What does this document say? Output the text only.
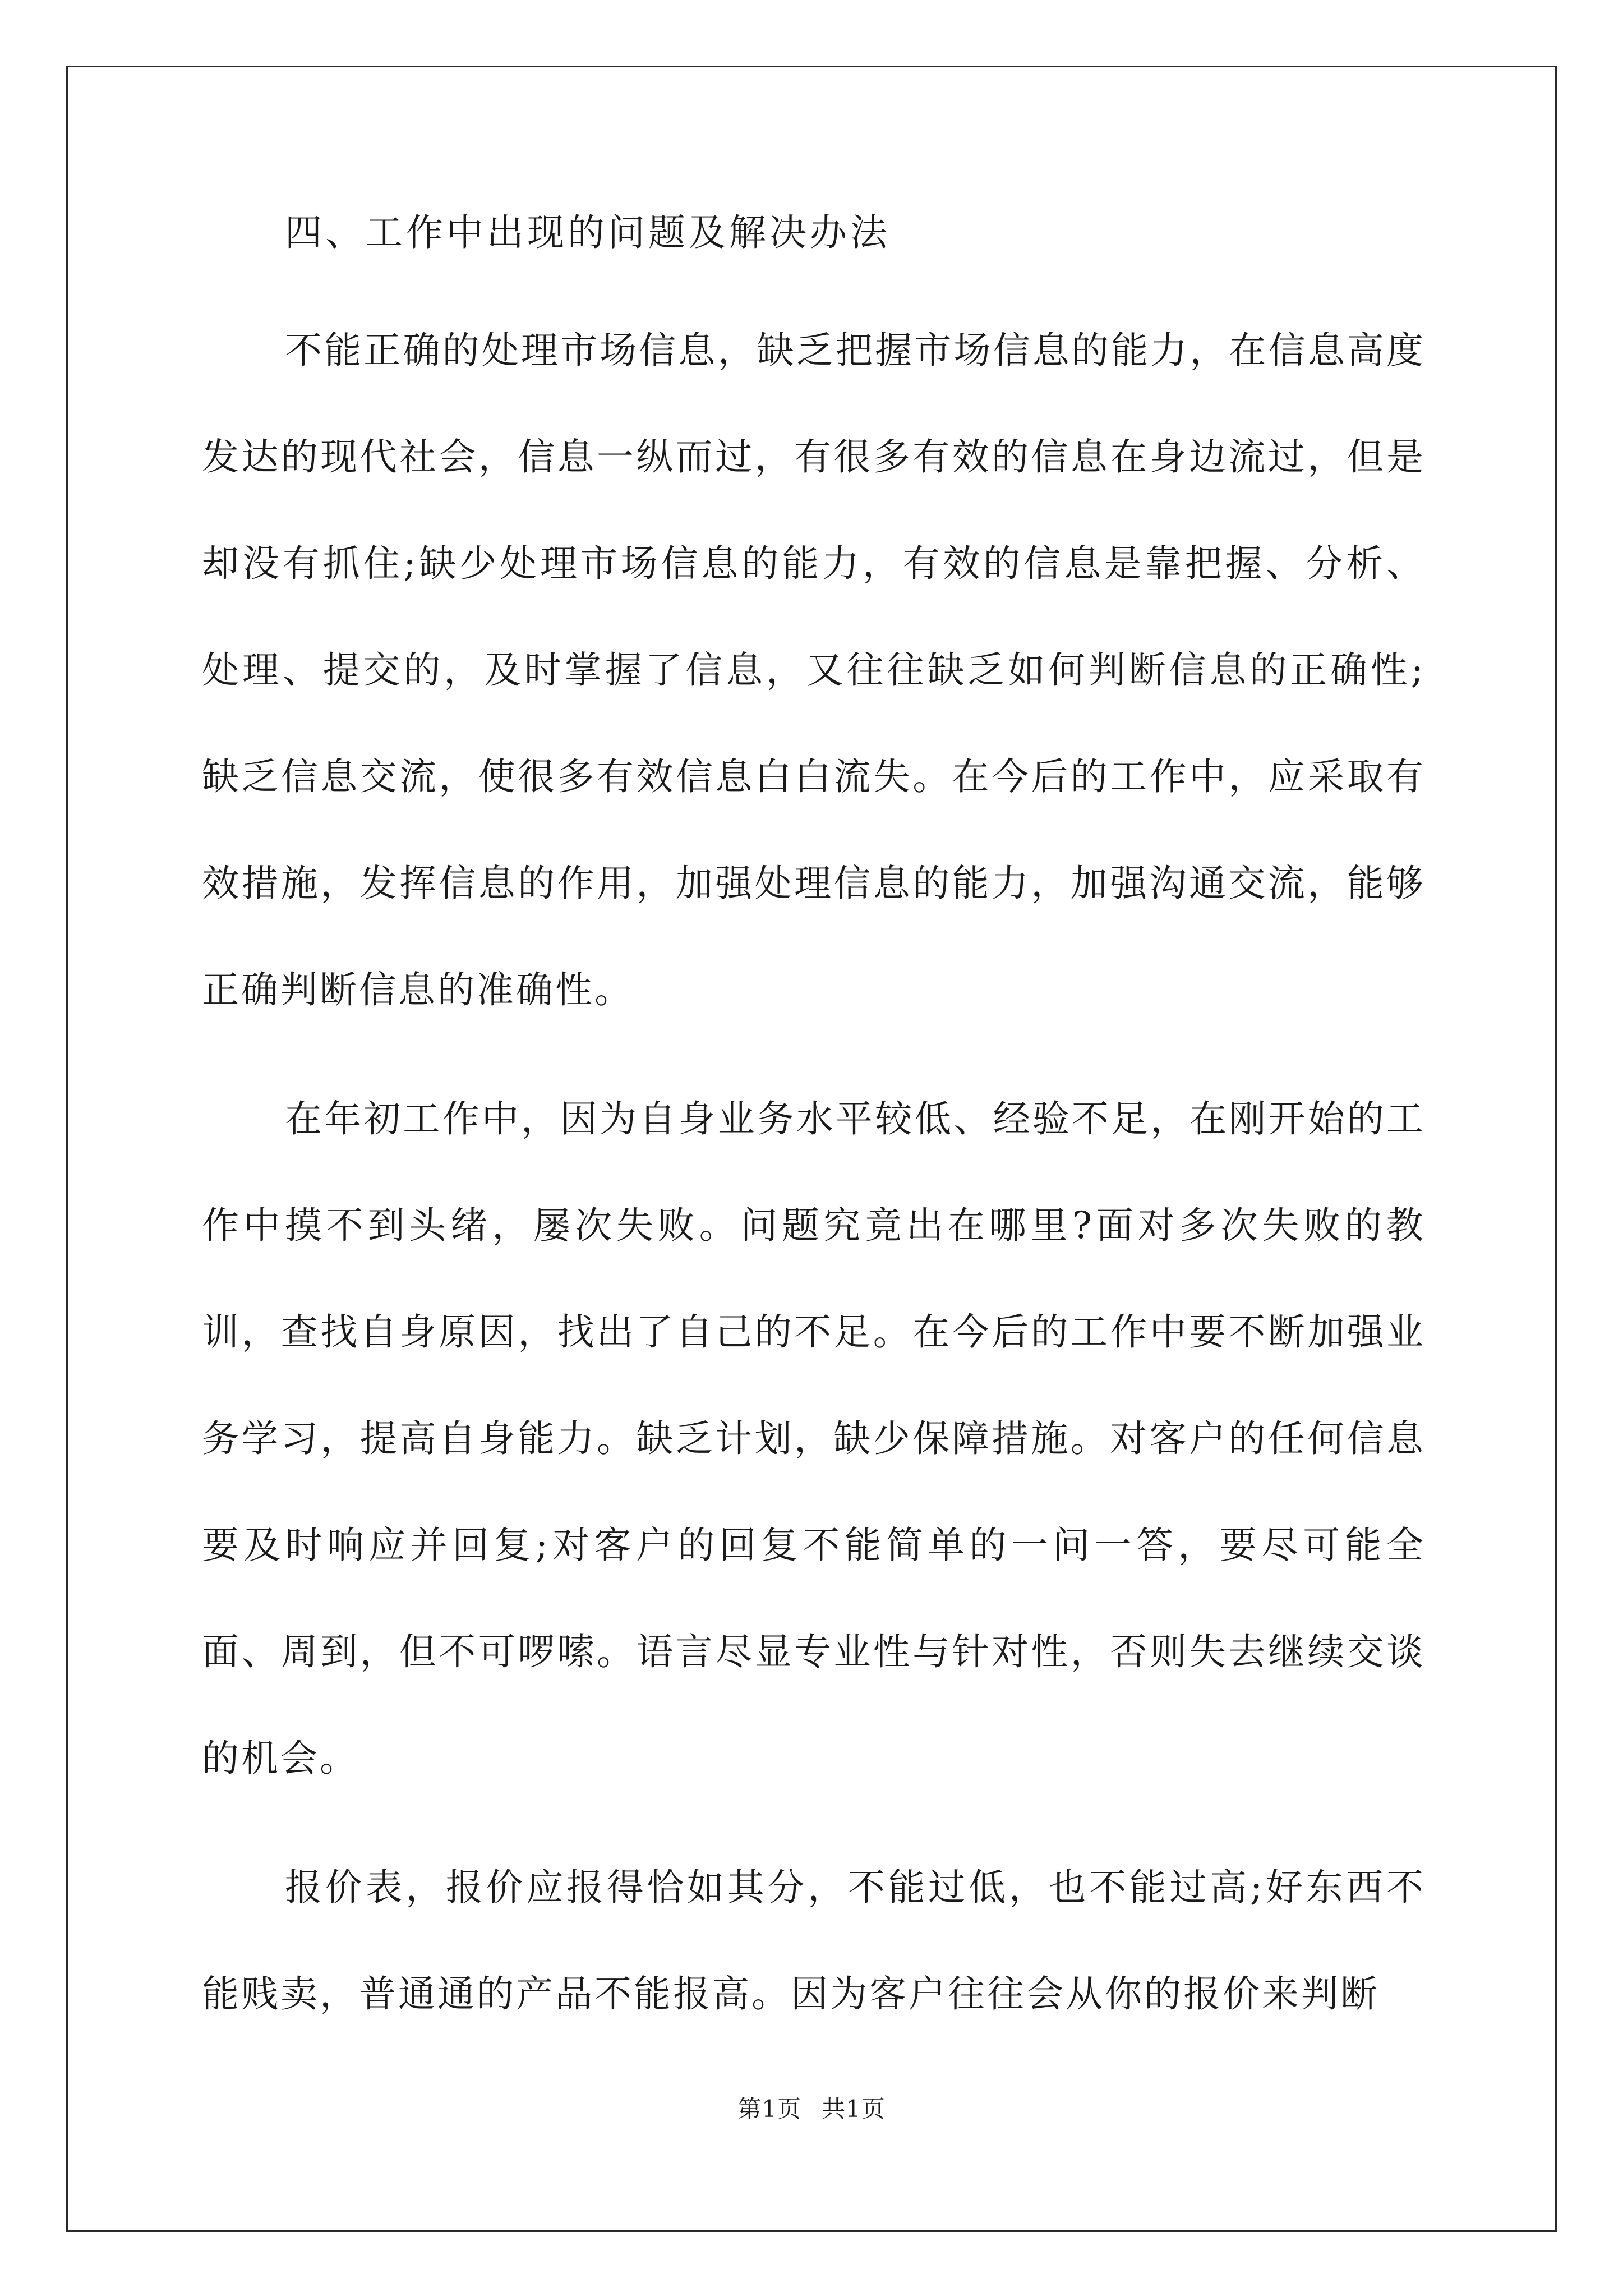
四、工作中出现的问题及解决办法

不能正确的处理市场信息，缺乏把握市场信息的能力，在信息高度发达的现代社会，信息一纵而过，有很多有效的信息在身边流过，但是却没有抓住;缺少处理市场信息的能力，有效的信息是靠把握、分析、处理、提交的，及时掌握了信息，又往往缺乏如何判断信息的正确性;缺乏信息交流，使很多有效信息白白流失。在今后的工作中，应采取有效措施，发挥信息的作用，加强处理信息的能力，加强沟通交流，能够正确判断信息的准确性。

在年初工作中，因为自身业务水平较低、经验不足，在刚开始的工作中摸不到头绪，屡次失败。问题究竟出在哪里?面对多次失败的教训，查找自身原因，找出了自己的不足。在今后的工作中要不断加强业务学习，提高自身能力。缺乏计划，缺少保障措施。对客户的任何信息要及时响应并回复;对客户的回复不能简单的一问一答，要尽可能全面、周到，但不可啰嗦。语言尽显专业性与针对性，否则失去继续交谈的机会。

报价表，报价应报得恰如其分，不能过低，也不能过高;好东西不能贱卖，普通通的产品不能报高。因为客户往往会从你的报价来判断

第1页 共1页
